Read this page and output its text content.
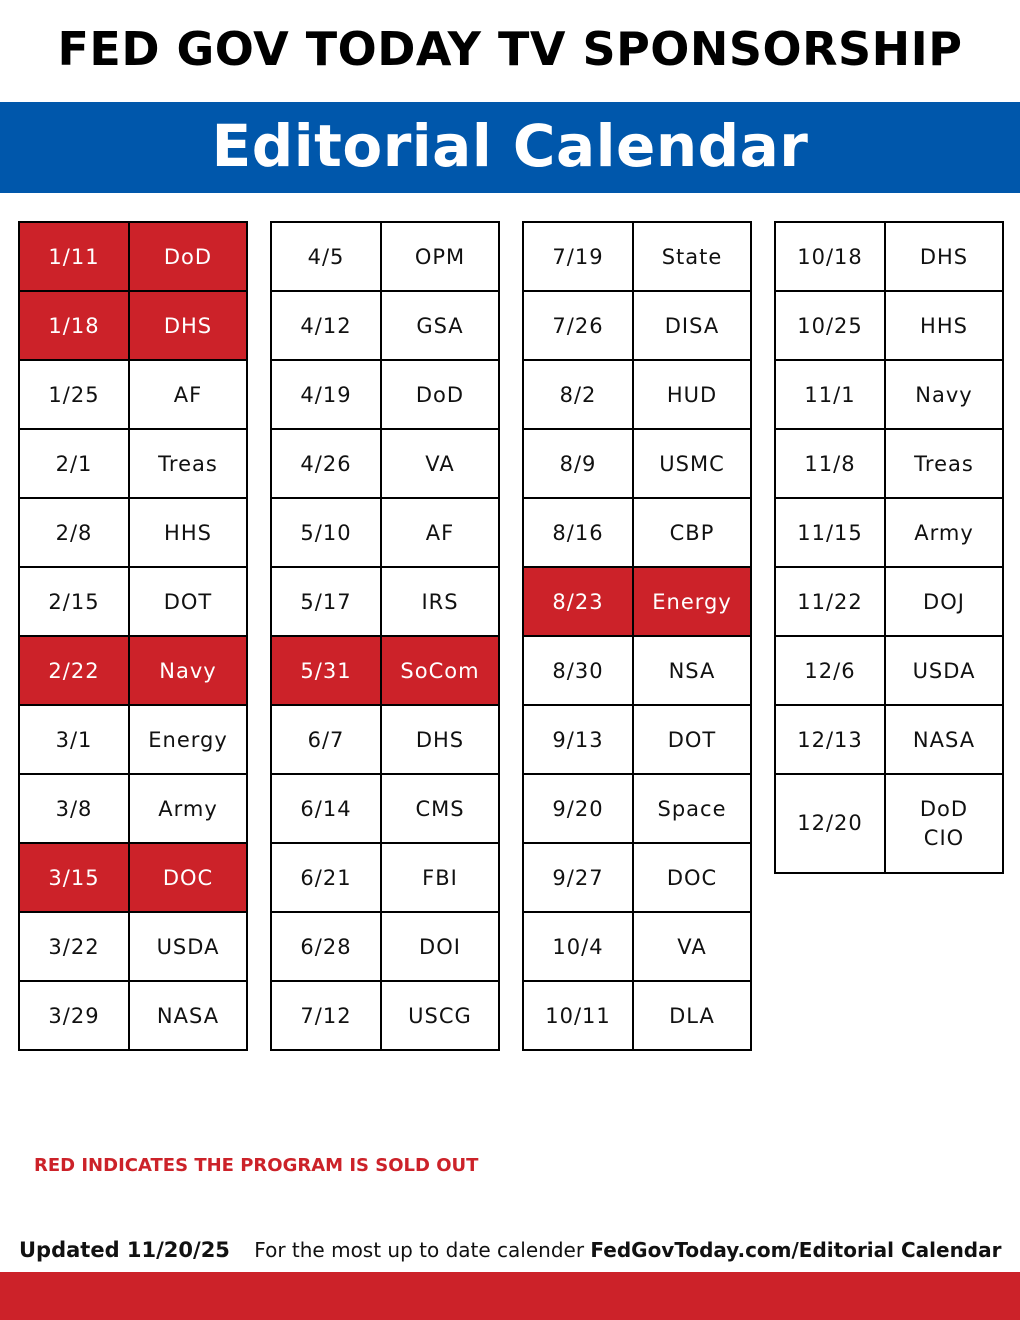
FED GOV TODAY TV SPONSORSHIP
Editorial Calendar
1/11	DoD
1/18	DHS
1/25	AF
2/1	Treas
2/8	HHS
2/15	DOT
2/22	Navy
3/1	Energy
3/8	Army
3/15	DOC
3/22	USDA
3/29	NASA
4/5	OPM
4/12	GSA
4/19	DoD
4/26	VA
5/10	AF
5/17	IRS
5/31	SoCom
6/7	DHS
6/14	CMS
6/21	FBI
6/28	DOI
7/12	USCG
7/19	State
7/26	DISA
8/2	HUD
8/9	USMC
8/16	CBP
8/23	Energy
8/30	NSA
9/13	DOT
9/20	Space
9/27	DOC
10/4	VA
10/11	DLA
10/18	DHS
10/25	HHS
11/1	Navy
11/8	Treas
11/15	Army
11/22	DOJ
12/6	USDA
12/13	NASA
12/20	DoD
CIO
RED INDICATES THE PROGRAM IS SOLD OUT
Updated 11/20/25 For the most up to date calender FedGovToday.com/Editorial Calendar
